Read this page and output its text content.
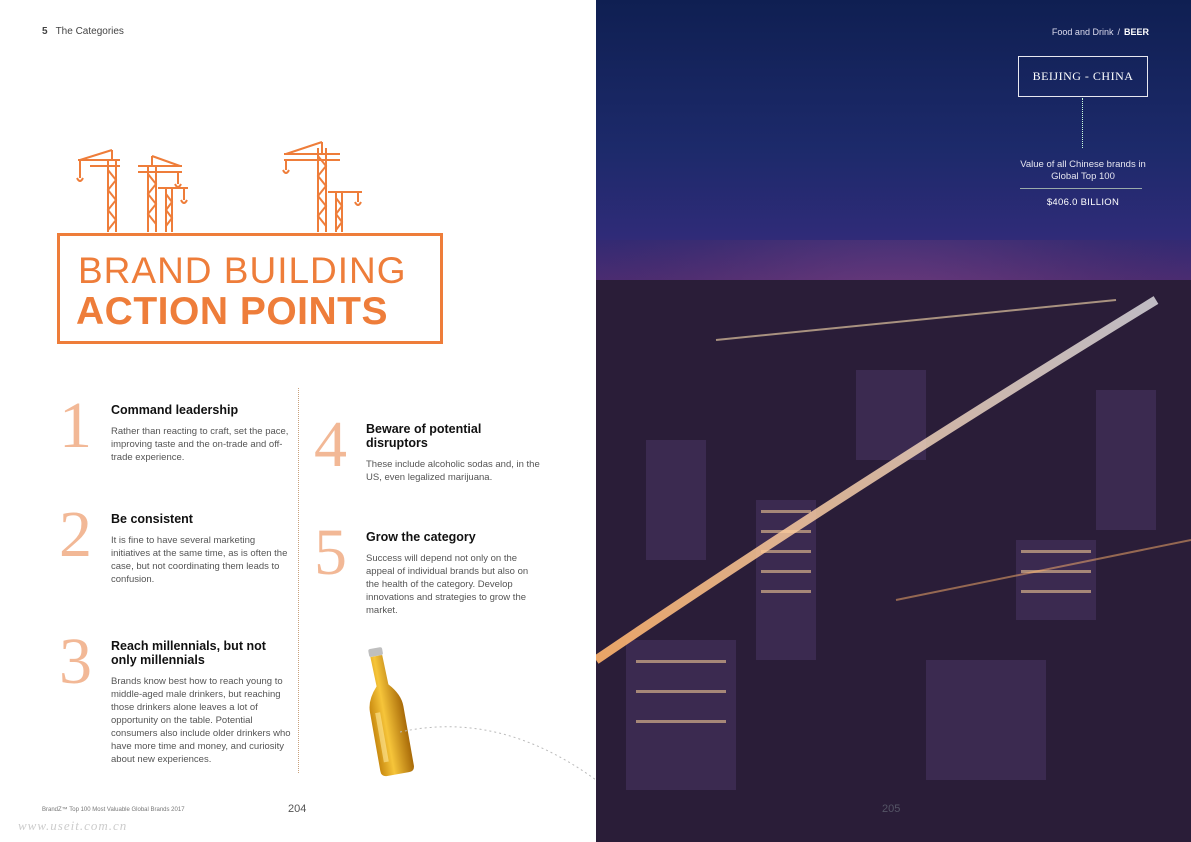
5 The Categories
BRAND BUILDING
ACTION POINTS
1 Command leadership

Rather than reacting to craft, set the pace, improving taste and the on-trade and off-trade experience.

2 Be consistent

It is fine to have several marketing initiatives at the same time, as is often the case, but not coordinating them leads to confusion.

3 Reach millennials, but not only millennials

Brands know best how to reach young to middle-aged male drinkers, but reaching those drinkers alone leaves a lot of opportunity on the table. Potential consumers also include older drinkers who have more time and money, and curiosity about new experiences.

4 Beware of potential disruptors

These include alcoholic sodas and, in the US, even legalized marijuana.

5 Grow the category

Success will depend not only on the appeal of individual brands but also on the health of the category. Develop innovations and strategies to grow the market.

BrandZ™ Top 100 Most Valuable Global Brands 2017	204
www.useit.com.cn
Food and Drink / BEER
BEIJING - CHINA
Value of all Chinese brands in Global Top 100
$406.0 BILLION
205
